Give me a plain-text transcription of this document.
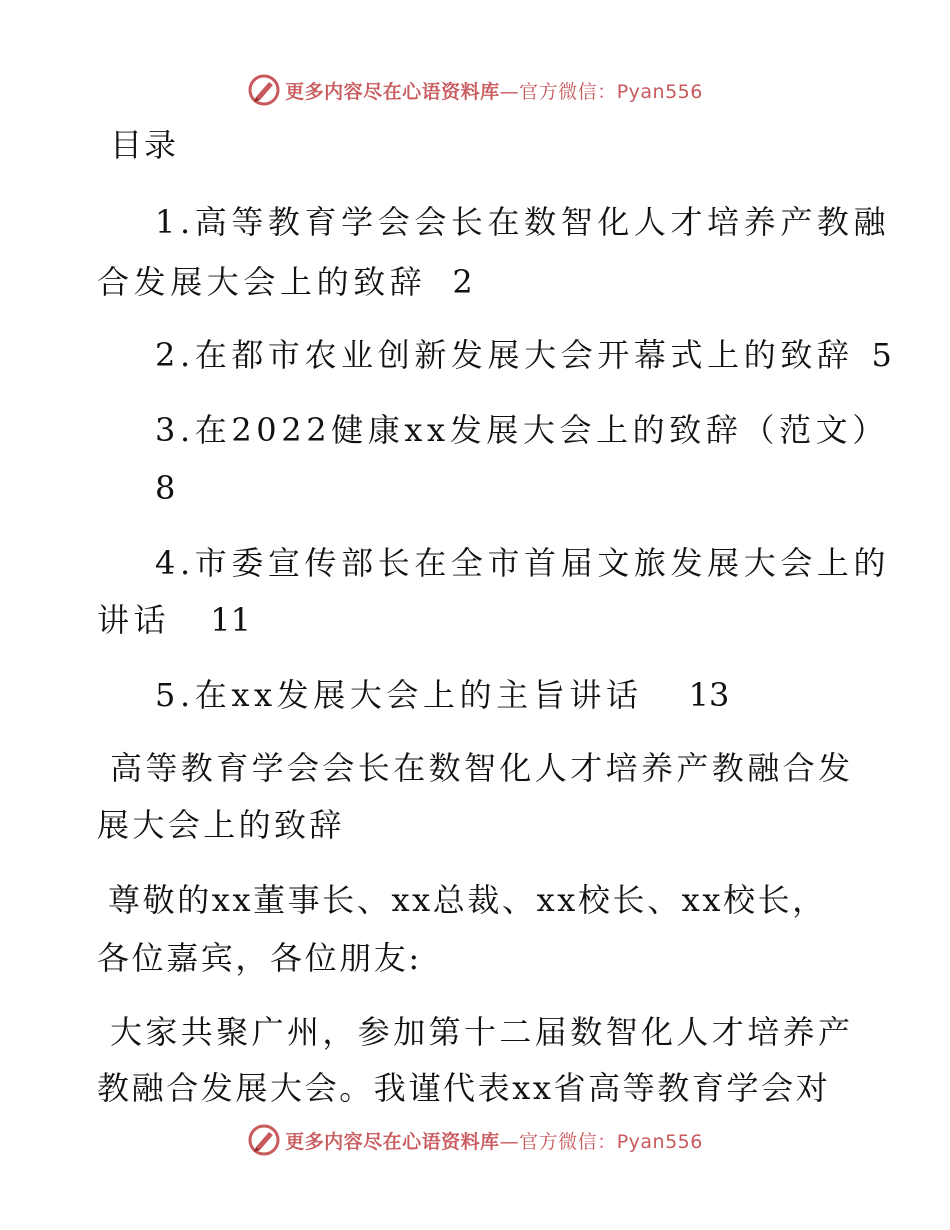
更多内容尽在心语资料库—官方微信：Pyan556
目录
1.高等教育学会会长在数智化人才培养产教融
合发展大会上的致辞 2
2.在都市农业创新发展大会开幕式上的致辞 5
3.在2022健康xx发展大会上的致辞（范文）
8
4.市委宣传部长在全市首届文旅发展大会上的
讲话 11
5.在xx发展大会上的主旨讲话 13
高等教育学会会长在数智化人才培养产教融合发
展大会上的致辞
尊敬的xx董事长、xx总裁、xx校长、xx校长，
各位嘉宾，各位朋友:
大家共聚广州，参加第十二届数智化人才培养产
教融合发展大会。我谨代表xx省高等教育学会对
更多内容尽在心语资料库—官方微信：Pyan556
